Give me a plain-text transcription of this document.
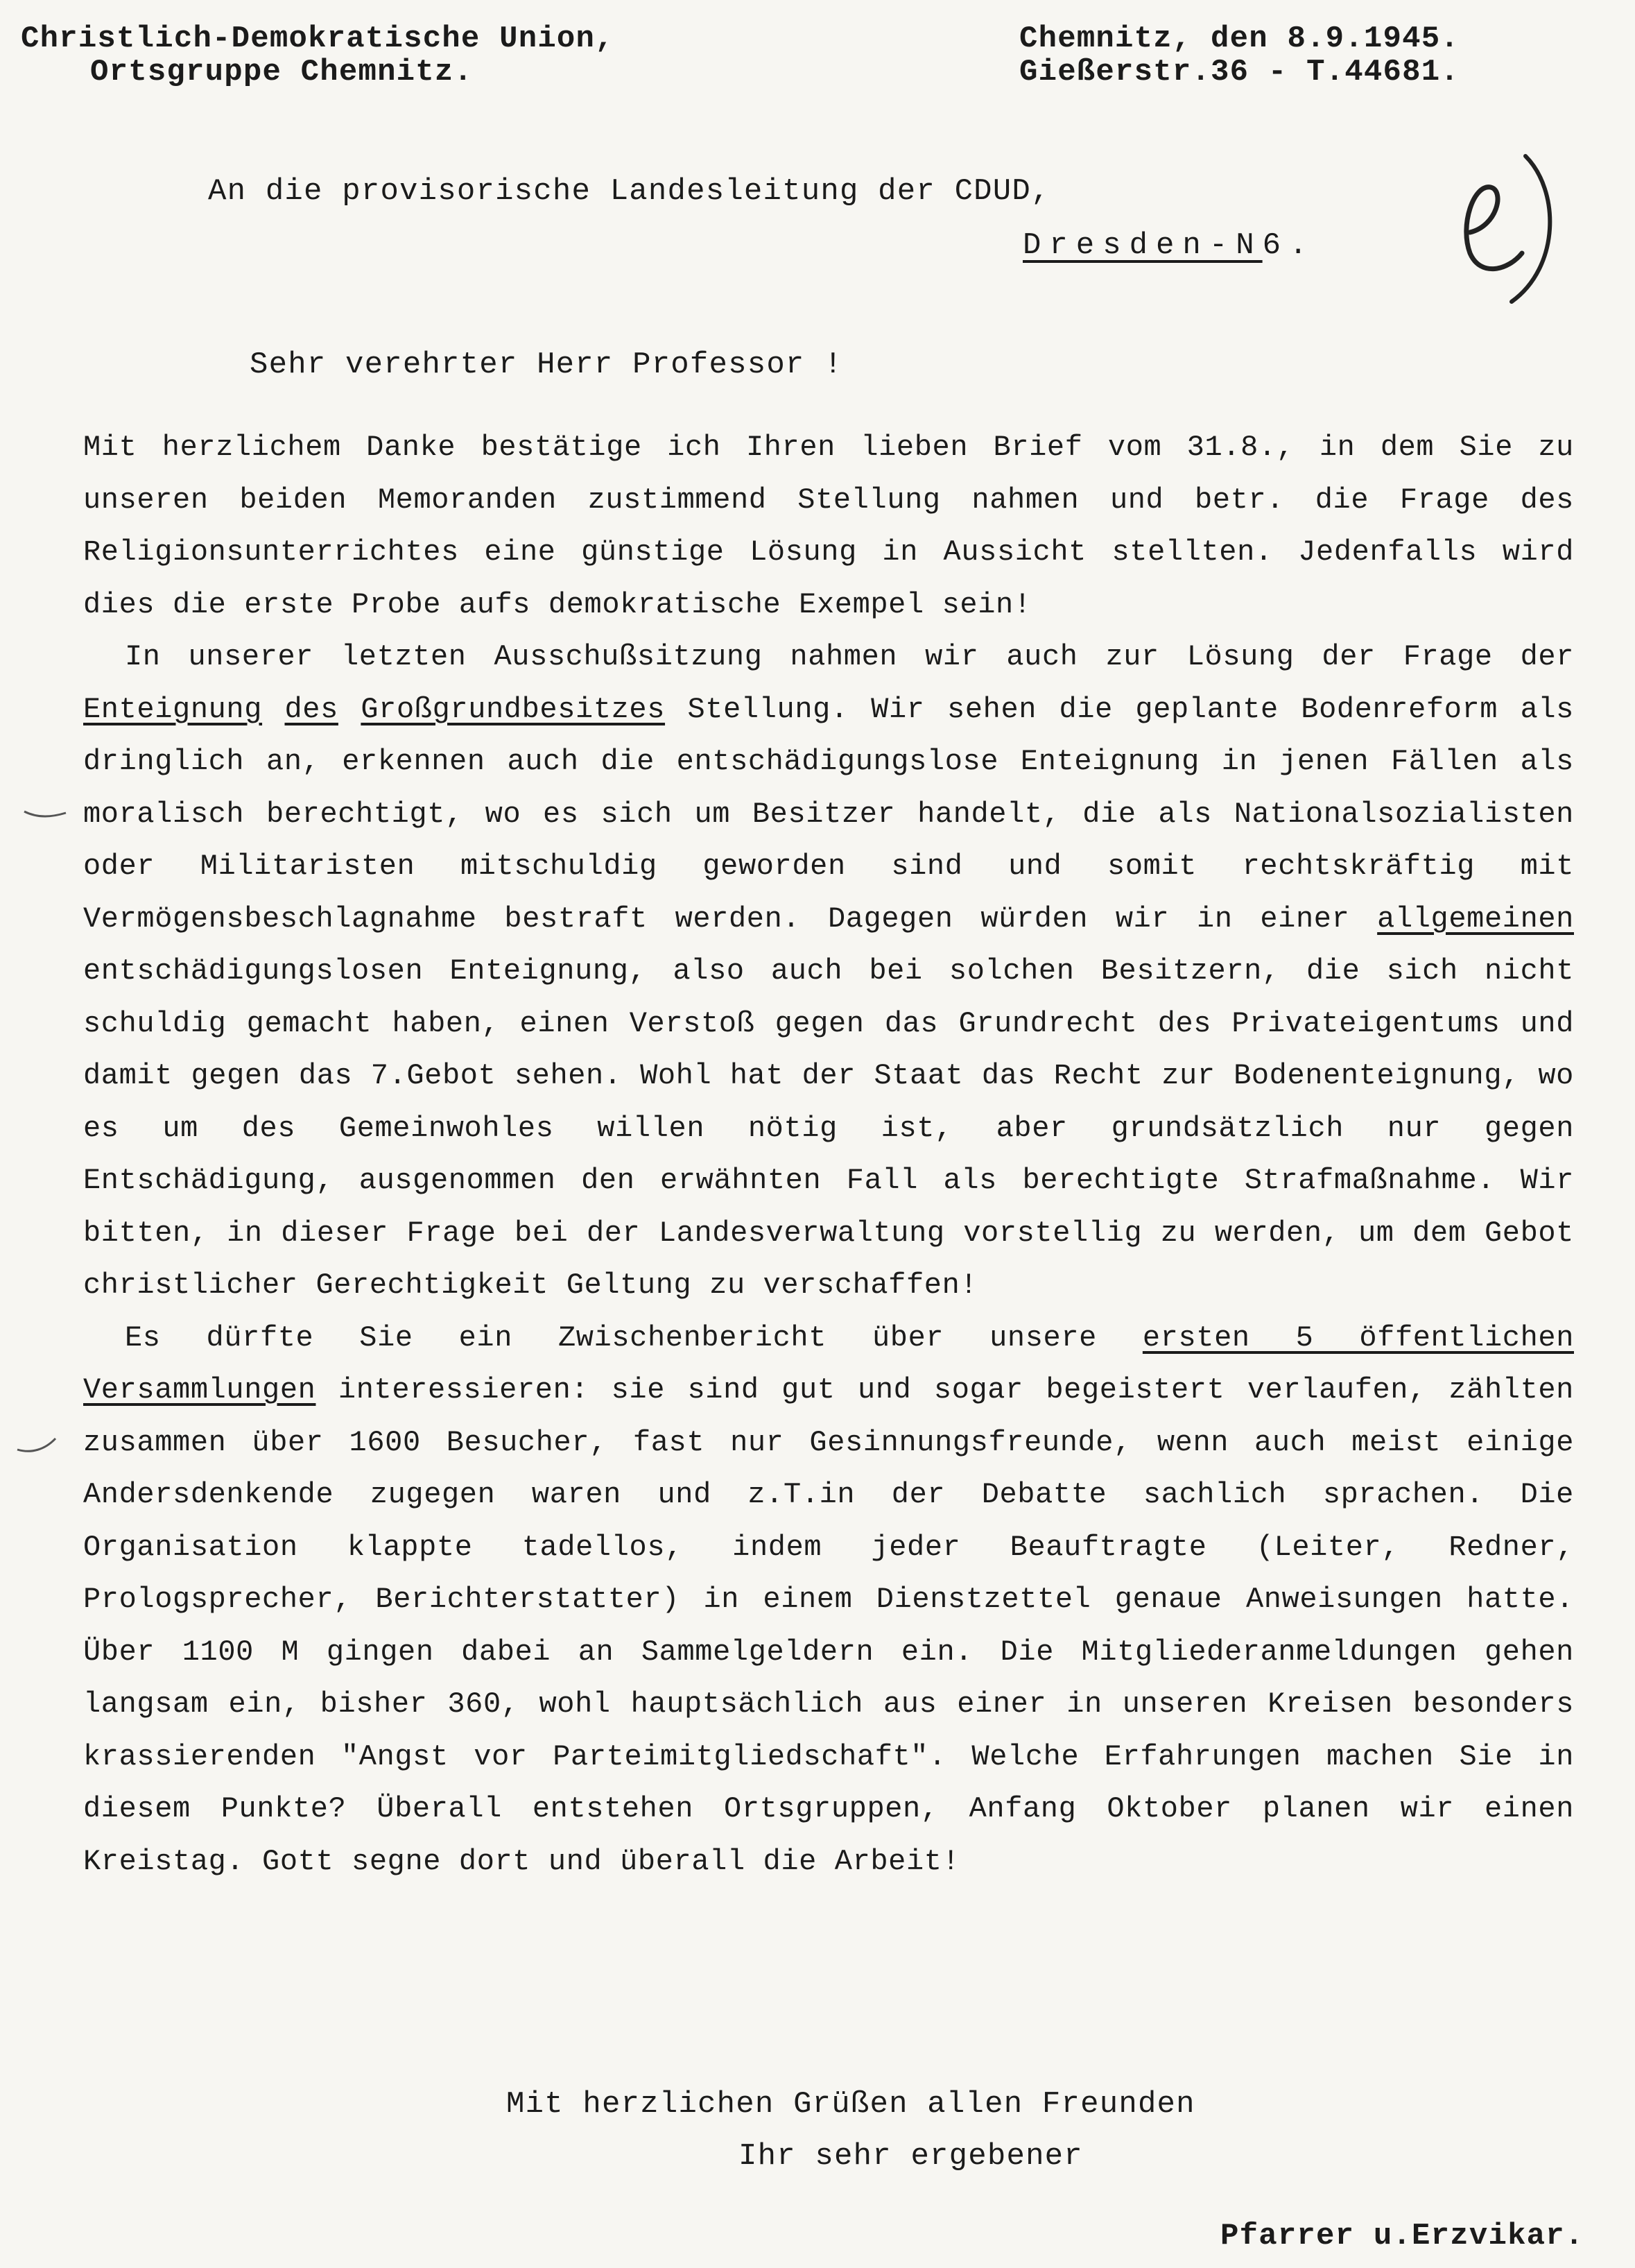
Christlich-Demokratische Union,
Ortsgruppe Chemnitz.
Chemnitz, den 8.9.1945.
Gießerstr.36 - T.44681.
An die provisorische Landesleitung der CDUD,
Dresden-N6.
Sehr verehrter Herr Professor !

Mit herzlichem Danke bestätige ich Ihren lieben Brief vom 31.8., in dem Sie zu unseren beiden Memoranden zustimmend Stellung nahmen und betr. die Frage des Religionsunterrichtes eine günstige Lösung in Aussicht stellten. Jedenfalls wird dies die erste Probe aufs demokratische Exempel sein!

In unserer letzten Ausschußsitzung nahmen wir auch zur Lösung der Frage der Enteignung des Großgrundbesitzes Stellung. Wir sehen die geplante Bodenreform als dringlich an, erkennen auch die entschädigungslose Enteignung in jenen Fällen als moralisch berechtigt, wo es sich um Besitzer handelt, die als Nationalsozialisten oder Militaristen mitschuldig geworden sind und somit rechtskräftig mit Vermögensbeschlagnahme bestraft werden. Dagegen würden wir in einer allgemeinen entschädigungslosen Enteignung, also auch bei solchen Besitzern, die sich nicht schuldig gemacht haben, einen Verstoß gegen das Grundrecht des Privateigentums und damit gegen das 7.Gebot sehen. Wohl hat der Staat das Recht zur Bodenenteignung, wo es um des Gemeinwohles willen nötig ist, aber grundsätzlich nur gegen Entschädigung, ausgenommen den erwähnten Fall als berechtigte Strafmaßnahme. Wir bitten, in dieser Frage bei der Landesverwaltung vorstellig zu werden, um dem Gebot christlicher Gerechtigkeit Geltung zu verschaffen!

Es dürfte Sie ein Zwischenbericht über unsere ersten 5 öffentlichen Versammlungen interessieren: sie sind gut und sogar begeistert verlaufen, zählten zusammen über 1600 Besucher, fast nur Gesinnungsfreunde, wenn auch meist einige Andersdenkende zugegen waren und z.T.in der Debatte sachlich sprachen. Die Organisation klappte tadellos, indem jeder Beauftragte (Leiter, Redner, Prologsprecher, Berichterstatter) in einem Dienstzettel genaue Anweisungen hatte. Über 1100 M gingen dabei an Sammelgeldern ein. Die Mitgliederanmeldungen gehen langsam ein, bisher 360, wohl hauptsächlich aus einer in unseren Kreisen besonders krassierenden "Angst vor Parteimitgliedschaft". Welche Erfahrungen machen Sie in diesem Punkte? Überall entstehen Ortsgruppen, Anfang Oktober planen wir einen Kreistag. Gott segne dort und überall die Arbeit!

Mit herzlichen Grüßen allen Freunden
Ihr sehr ergebener
Pfarrer u.Erzvikar.
